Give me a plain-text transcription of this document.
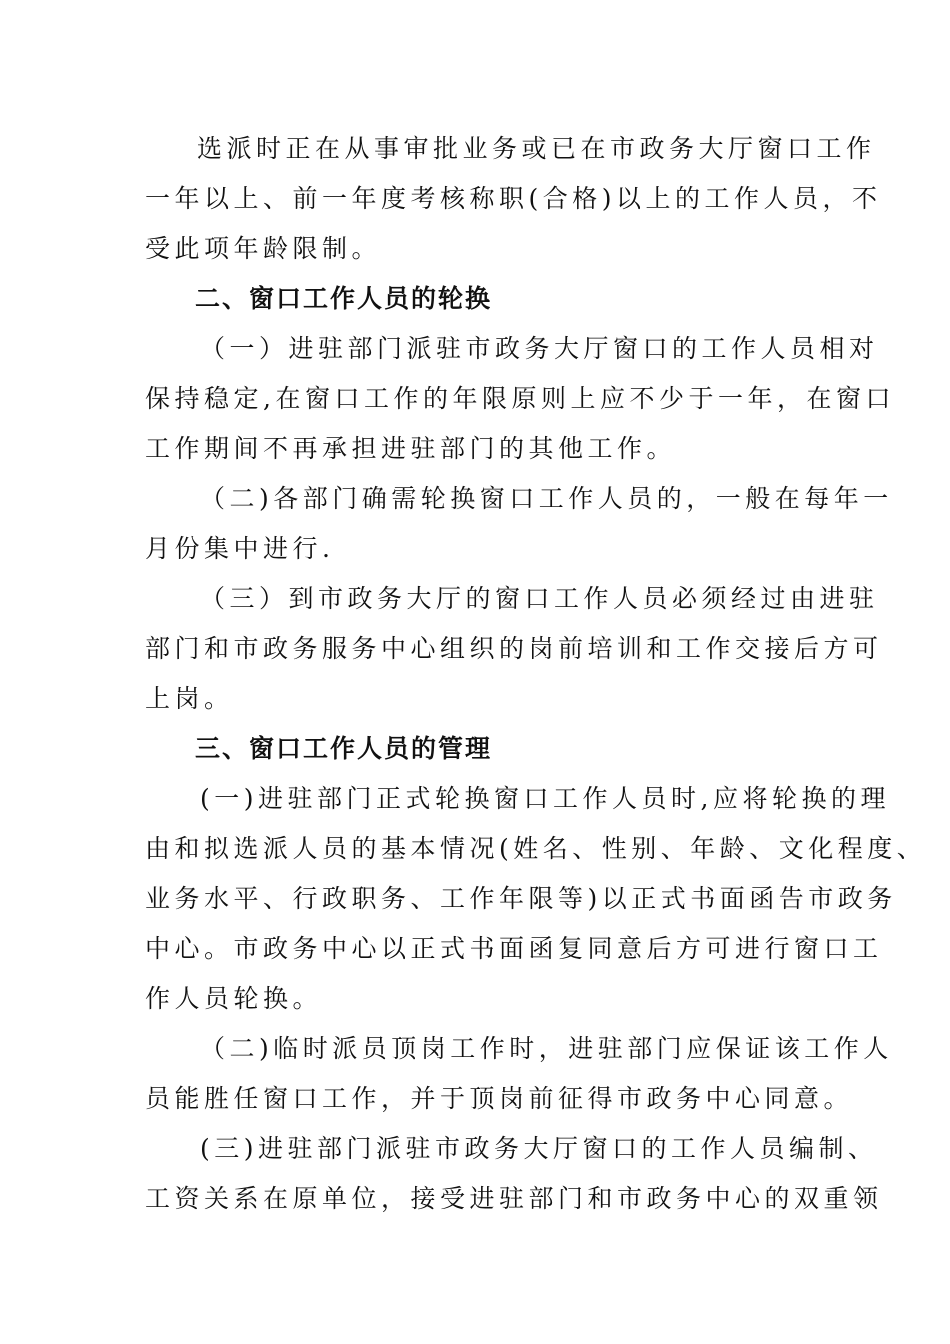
选派时正在从事审批业务或已在市政务大厅窗口工作
一年以上、前一年度考核称职(合格)以上的工作人员，不
受此项年龄限制。
二、窗口工作人员的轮换
（一）进驻部门派驻市政务大厅窗口的工作人员相对
保持稳定,在窗口工作的年限原则上应不少于一年，在窗口
工作期间不再承担进驻部门的其他工作。
（二)各部门确需轮换窗口工作人员的，一般在每年一
月份集中进行.
（三）到市政务大厅的窗口工作人员必须经过由进驻
部门和市政务服务中心组织的岗前培训和工作交接后方可
上岗。
三、窗口工作人员的管理
(一)进驻部门正式轮换窗口工作人员时,应将轮换的理
由和拟选派人员的基本情况(姓名、性别、年龄、文化程度、
业务水平、行政职务、工作年限等)以正式书面函告市政务
中心。市政务中心以正式书面函复同意后方可进行窗口工
作人员轮换。
（二)临时派员顶岗工作时，进驻部门应保证该工作人
员能胜任窗口工作，并于顶岗前征得市政务中心同意。
(三)进驻部门派驻市政务大厅窗口的工作人员编制、
工资关系在原单位，接受进驻部门和市政务中心的双重领
